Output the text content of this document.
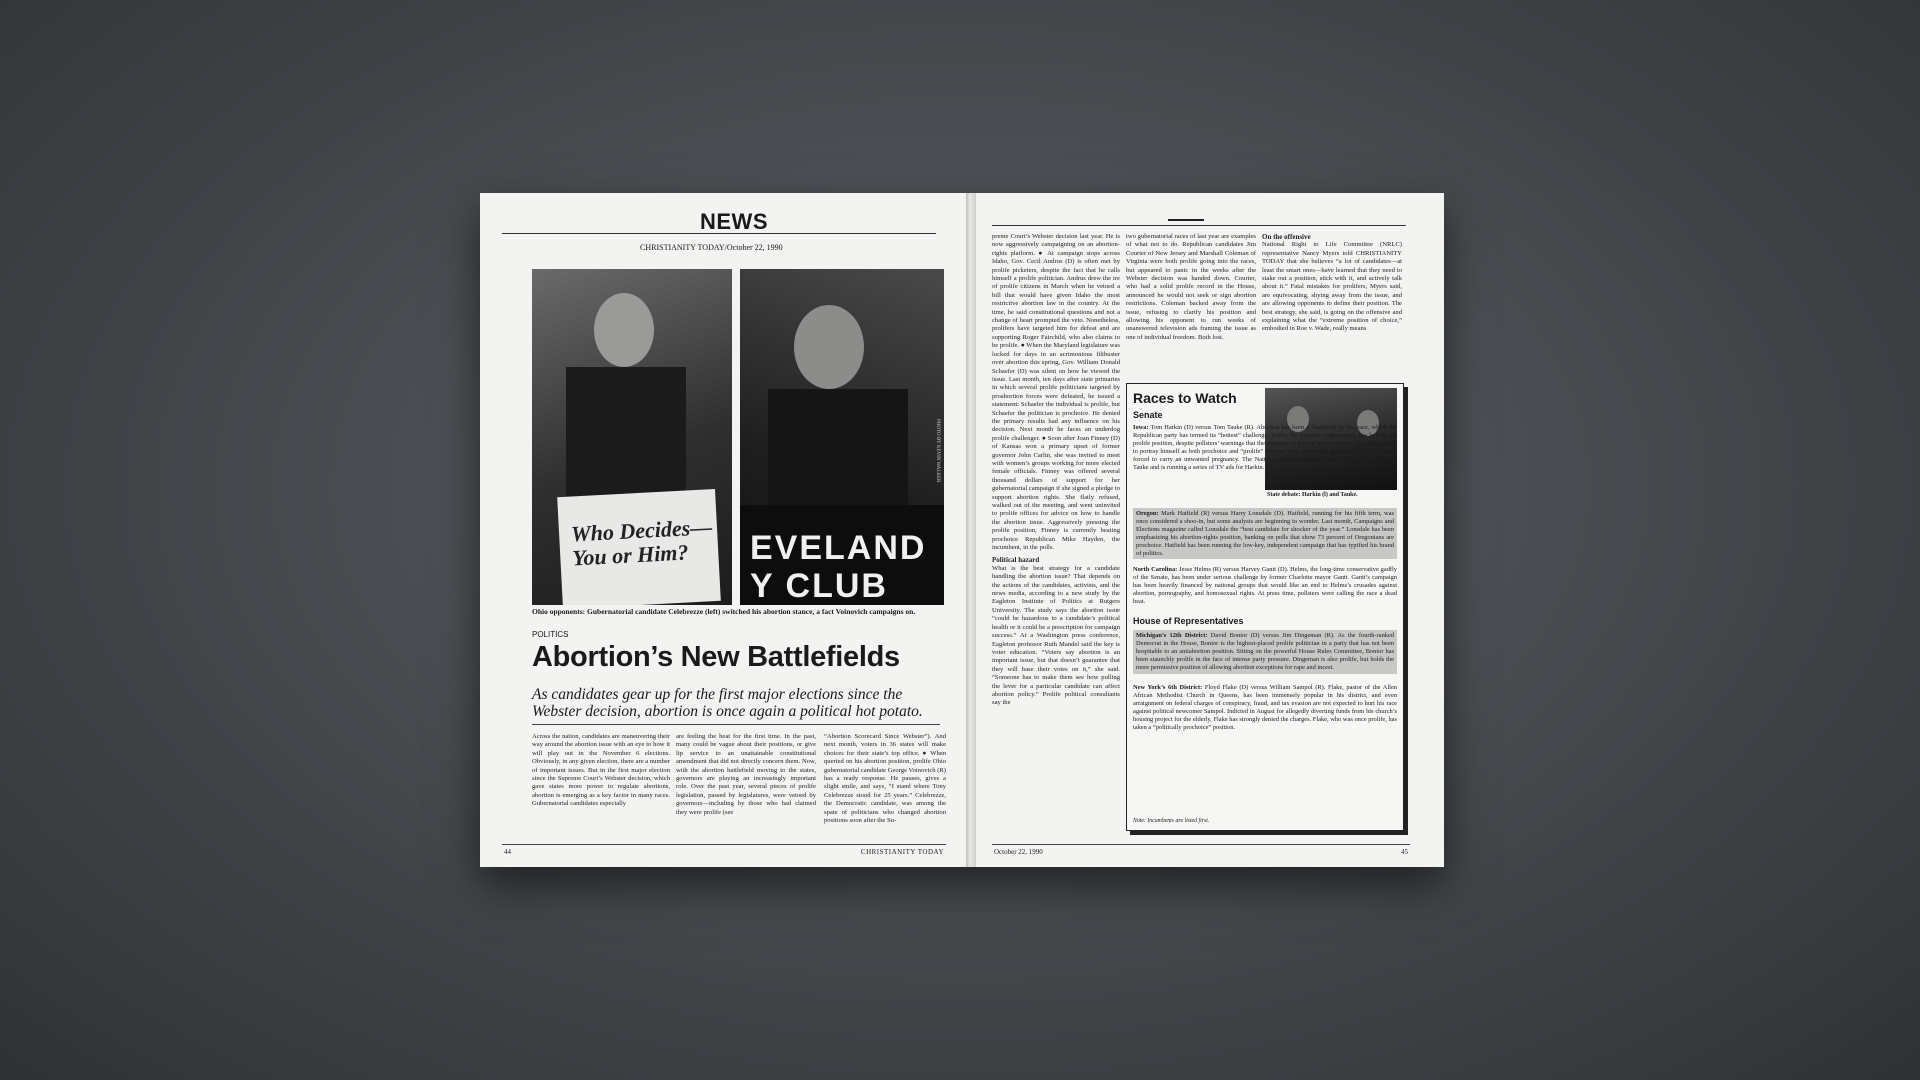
NEWS
CHRISTIANITY TODAY/October 22, 1990
Who Decides— You or Him?	EVELAND Y CLUB
PHOTO BY KEVIN WALKER
Ohio opponents: Gubernatorial candidate Celebrezze (left) switched his abortion stance, a fact Voinovich campaigns on.
POLITICS
Abortion’s New Battlefields
As candidates gear up for the first major elections since the Webster decision, abortion is once again a political hot potato.
Across the nation, candidates are maneuvering their way around the abortion issue with an eye to how it will play out in the November 6 elections. Obviously, in any given election, there are a number of important issues. But in the first major election since the Supreme Court’s Webster decision, which gave states more power to regulate abortions, abortion is emerging as a key factor in many races. Gubernatorial candidates especially
are feeling the heat for the first time. In the past, many could be vague about their positions, or give lip service to an unattainable constitutional amendment that did not directly concern them. Now, with the abortion battlefield moving to the states, governors are playing an increasingly important role. Over the past year, several pieces of prolife legislation, passed by legislatures, were vetoed by governors—including by those who had claimed they were prolife (see
“Abortion Scorecard Since Webster”). And next month, voters in 36 states will make choices for their state’s top office. ● When queried on his abortion position, prolife Ohio gubernatorial candidate George Voinovich (R) has a ready response. He pauses, gives a slight smile, and says, “I stand where Tony Celebrezze stood for 25 years.” Celebrezze, the Democratic candidate, was among the spate of politicians who changed abortion positions soon after the Su-
44	CHRISTIANITY TODAY
preme Court’s Webster decision last year. He is now aggressively campaigning on an abortion-rights platform. ● At campaign stops across Idaho, Gov. Cecil Andrus (D) is often met by prolife picketers, despite the fact that he calls himself a prolife politician. Andrus drew the ire of prolife citizens in March when he vetoed a bill that would have given Idaho the most restrictive abortion law in the country. At the time, he said constitutional questions and not a change of heart prompted the veto. Nonetheless, prolifers have targeted him for defeat and are supporting Roger Fairchild, who also claims to be prolife. ● When the Maryland legislature was locked for days in an acrimonious filibuster over abortion this spring, Gov. William Donald Schaefer (D) was silent on how he viewed the issue. Last month, ten days after state primaries in which several prolife politicians targeted by proabortion forces were defeated, he issued a statement: Schaefer the individual is prolife, but Schaefer the politician is prochoice. He denied the primary results had any influence on his decision. Next month he faces an underdog prolife challenger. ● Soon after Joan Finney (D) of Kansas won a primary upset of former governor John Carlin, she was invited to meet with women’s groups working for more elected female officials. Finney was offered several thousand dollars of support for her gubernatorial campaign if she signed a pledge to support abortion rights. She flatly refused, walked out of the meeting, and went uninvited to prolife offices for advice on how to handle the abortion issue. Aggressively pressing the prolife position, Finney is currently beating prochoice Republican Mike Hayden, the incumbent, in the polls.
Political hazard
What is the best strategy for a candidate handling the abortion issue? That depends on the actions of the candidates, activists, and the news media, according to a new study by the Eagleton Institute of Politics at Rutgers University. The study says the abortion issue “could be hazardous to a candidate’s political health or it could be a prescription for campaign success.” At a Washington press conference, Eagleton professor Ruth Mandel said the key is voter education. “Voters say abortion is an important issue, but that doesn’t guarantee that they will base their votes on it,” she said. “Someone has to make them see how pulling the lever for a particular candidate can affect abortion policy.” Prolife political consultants say the
two gubernatorial races of last year are examples of what not to do. Republican candidates Jim Courter of New Jersey and Marshall Coleman of Virginia were both prolife going into the races, but appeared to panic in the weeks after the Webster decision was handed down. Courter, who had a solid prolife record in the House, announced he would not seek or sign abortion restrictions. Coleman backed away from the issue, refusing to clarify his position and allowing his opponent to run weeks of unanswered television ads framing the issue as one of individual freedom. Both lost.
On the offensive
National Right to Life Committee (NRLC) representative Nancy Myers told CHRISTIANITY TODAY that she believes “a lot of candidates—at least the smart ones—have learned that they need to stake out a position, stick with it, and actively talk about it.” Fatal mistakes for prolifers, Myers said, are equivocating, shying away from the issue, and are allowing opponents to define their position. The best strategy, she said, is going on the offensive and explaining what the “extreme position of choice,” embodied in Roe v. Wade, really means
Races to Watch
State debate: Harkin (l) and Tauke.
Senate
Iowa: Tom Harkin (D) versus Tom Tauke (R). Abortion has been a flashpoint in this race, which the Republican party has termed its “hottest” challenge. Tauke, the popular congressman, has held to his prolife position, despite pollsters’ warnings that the majority of Iowans are prochoice. Harkin has tried to portray himself as both prochoice and “prolife” because he is concerned about the life of a woman forced to carry an unwanted pregnancy. The National Abortion Rights Action League has targeted Tauke and is running a series of TV ads for Harkin.
Oregon: Mark Hatfield (R) versus Harry Lonsdale (D). Hatfield, running for his fifth term, was once considered a shoo-in, but some analysts are beginning to wonder. Last month, Campaigns and Elections magazine called Lonsdale the “best candidate for shocker of the year.” Lonsdale has been emphasizing his abortion-rights position, banking on polls that show 73 percent of Oregonians are prochoice. Hatfield has been running the low-key, independent campaign that has typified his brand of politics.
North Carolina: Jesse Helms (R) versus Harvey Gantt (D). Helms, the long-time conservative gadfly of the Senate, has been under serious challenge by former Charlotte mayor Gantt. Gantt’s campaign has been heavily financed by national groups that would like an end to Helms’s crusades against abortion, pornography, and homosexual rights. At press time, pollsters were calling the race a dead heat.
House of Representatives
Michigan’s 12th District: David Bonior (D) versus Jim Dingeman (R). As the fourth-ranked Democrat in the House, Bonior is the highest-placed prolife politician in a party that has not been hospitable to an antiabortion position. Sitting on the powerful House Rules Committee, Bonior has been staunchly prolife in the face of intense party pressure. Dingeman is also prolife, but holds the more permissive position of allowing abortion exceptions for rape and incest.
New York’s 6th District: Floyd Flake (D) versus William Sampol (R). Flake, pastor of the Allen African Methodist Church in Queens, has been immensely popular in his district, and even arraignment on federal charges of conspiracy, fraud, and tax evasion are not expected to hurt his race against political newcomer Sampol. Indicted in August for allegedly diverting funds from his church’s housing project for the elderly, Flake has strongly denied the charges. Flake, who was once prolife, has taken a “politically prochoice” position.
Note: Incumbents are listed first.
October 22, 1990	45
